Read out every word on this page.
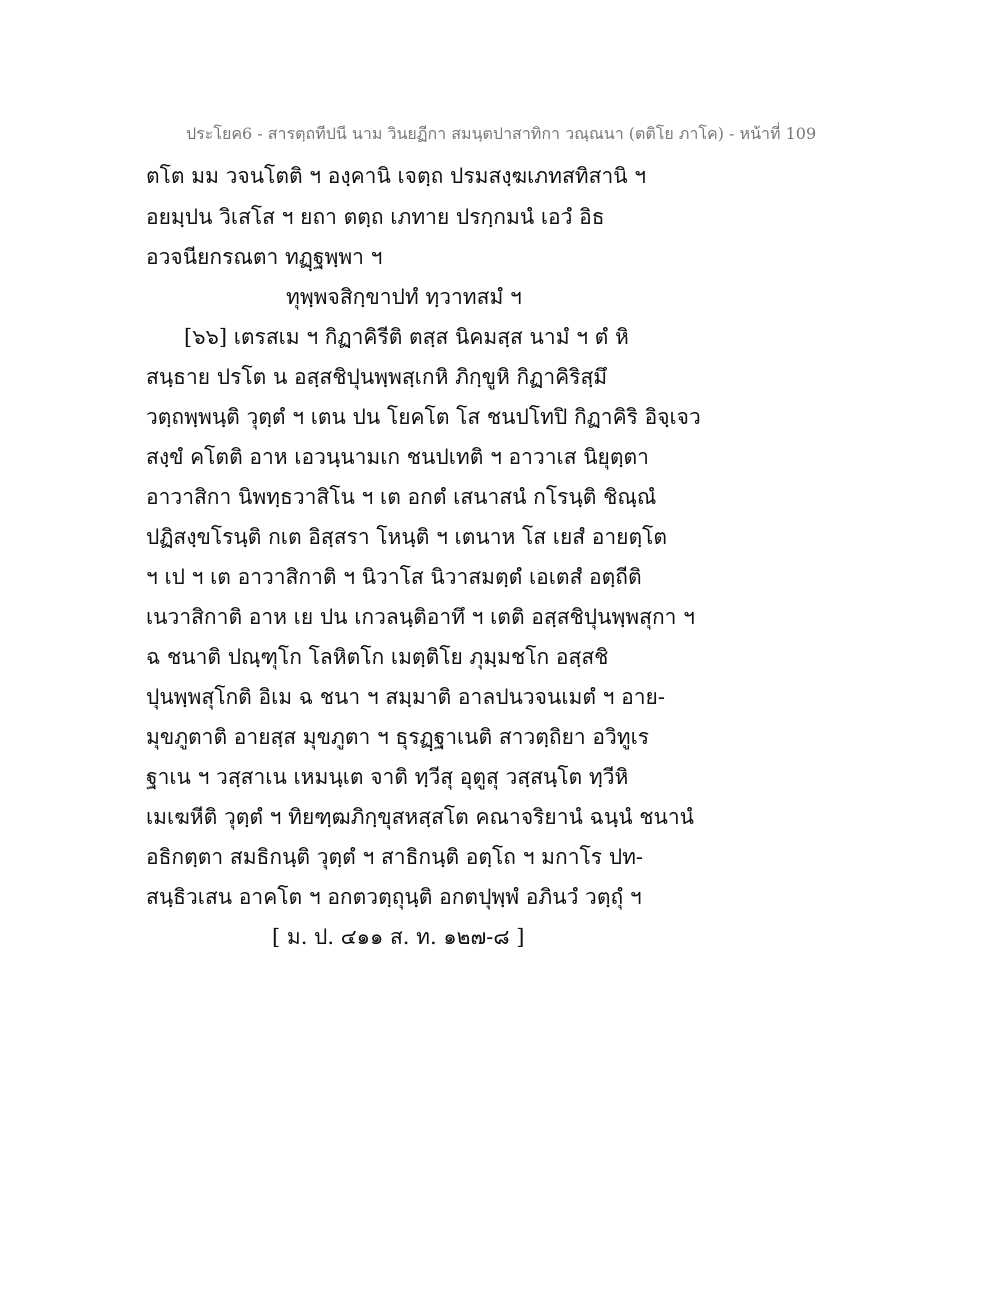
ประโยค6 - สารตฺถทีปนี นาม วินยฏีกา สมนฺตปาสาทิกา วณฺณนา (ตติโย ภาโค) - หน้าที่ 109
ตโต มม วจนโตติ ฯ องฺคานิ เจตฺถ ปรมสงฺฆเภทสทิสานิ ฯ
อยมฺปน วิเสโส ฯ ยถา ตตฺถ เภทาย ปรกฺกมนํ เอวํ อิธ
อวจนียกรณตา ทฏฺฐพฺพา ฯ
ทุพฺพจสิกฺขาปทํ ทฺวาทสมํ ฯ
[๖๖] เตรสเม ฯ กิฏาคิรีติ ตสฺส นิคมสฺส นามํ ฯ ตํ หิ
สนฺธาย ปรโต น อสฺสชิปุนพฺพสฺเกหิ ภิกฺขูหิ กิฏาคิริสฺมึ
วตฺถพฺพนฺติ วุตฺตํ ฯ เตน ปน โยคโต โส ชนปโทปิ กิฏาคิริ อิจฺเจว
สงฺขํ คโตติ อาห เอวนฺนามเก ชนปเทติ ฯ อาวาเส นิยุตฺตา
อาวาสิกา นิพทฺธวาสิโน ฯ เต อกตํ เสนาสนํ กโรนฺติ ชิณฺณํ
ปฏิสงฺขโรนฺติ กเต อิสฺสรา โหนฺติ ฯ เตนาห โส เยสํ อายตฺโต
ฯ เป ฯ เต อาวาสิกาติ ฯ นิวาโส นิวาสมตฺตํ เอเตสํ อตฺถีติ
เนวาสิกาติ อาห เย ปน เกวลนฺติอาทึ ฯ เตติ อสฺสชิปุนพฺพสุกา ฯ
ฉ ชนาติ ปณฺฑุโก โลหิตโก เมตฺติโย ภุมฺมชโก อสฺสชิ
ปุนพฺพสุโกติ อิเม ฉ ชนา ฯ สมฺมาติ อาลปนวจนเมตํ ฯ อาย-
มุขภูตาติ อายสฺส มุขภูตา ฯ ธุรฏฺฐาเนติ สาวตฺถิยา อวิทูเร
ฐาเน ฯ วสฺสาเน เหมนฺเต จาติ ทฺวีสุ อุตูสุ วสฺสนฺโต ทฺวีหิ
เมเฆหีติ วุตฺตํ ฯ ทิยฑฺฒภิกฺขุสหสฺสโต คณาจริยานํ ฉนฺนํ ชนานํ
อธิกตฺตา สมธิกนฺติ วุตฺตํ ฯ สาธิกนฺติ อตฺโถ ฯ มกาโร ปท-
สนฺธิวเสน อาคโต ฯ อกตวตฺถุนฺติ อกตปุพฺพํ อภินวํ วตฺถุํ ฯ
[ ม. ป. ๔๑๑ ส. ท. ๑๒๗-๘ ]
